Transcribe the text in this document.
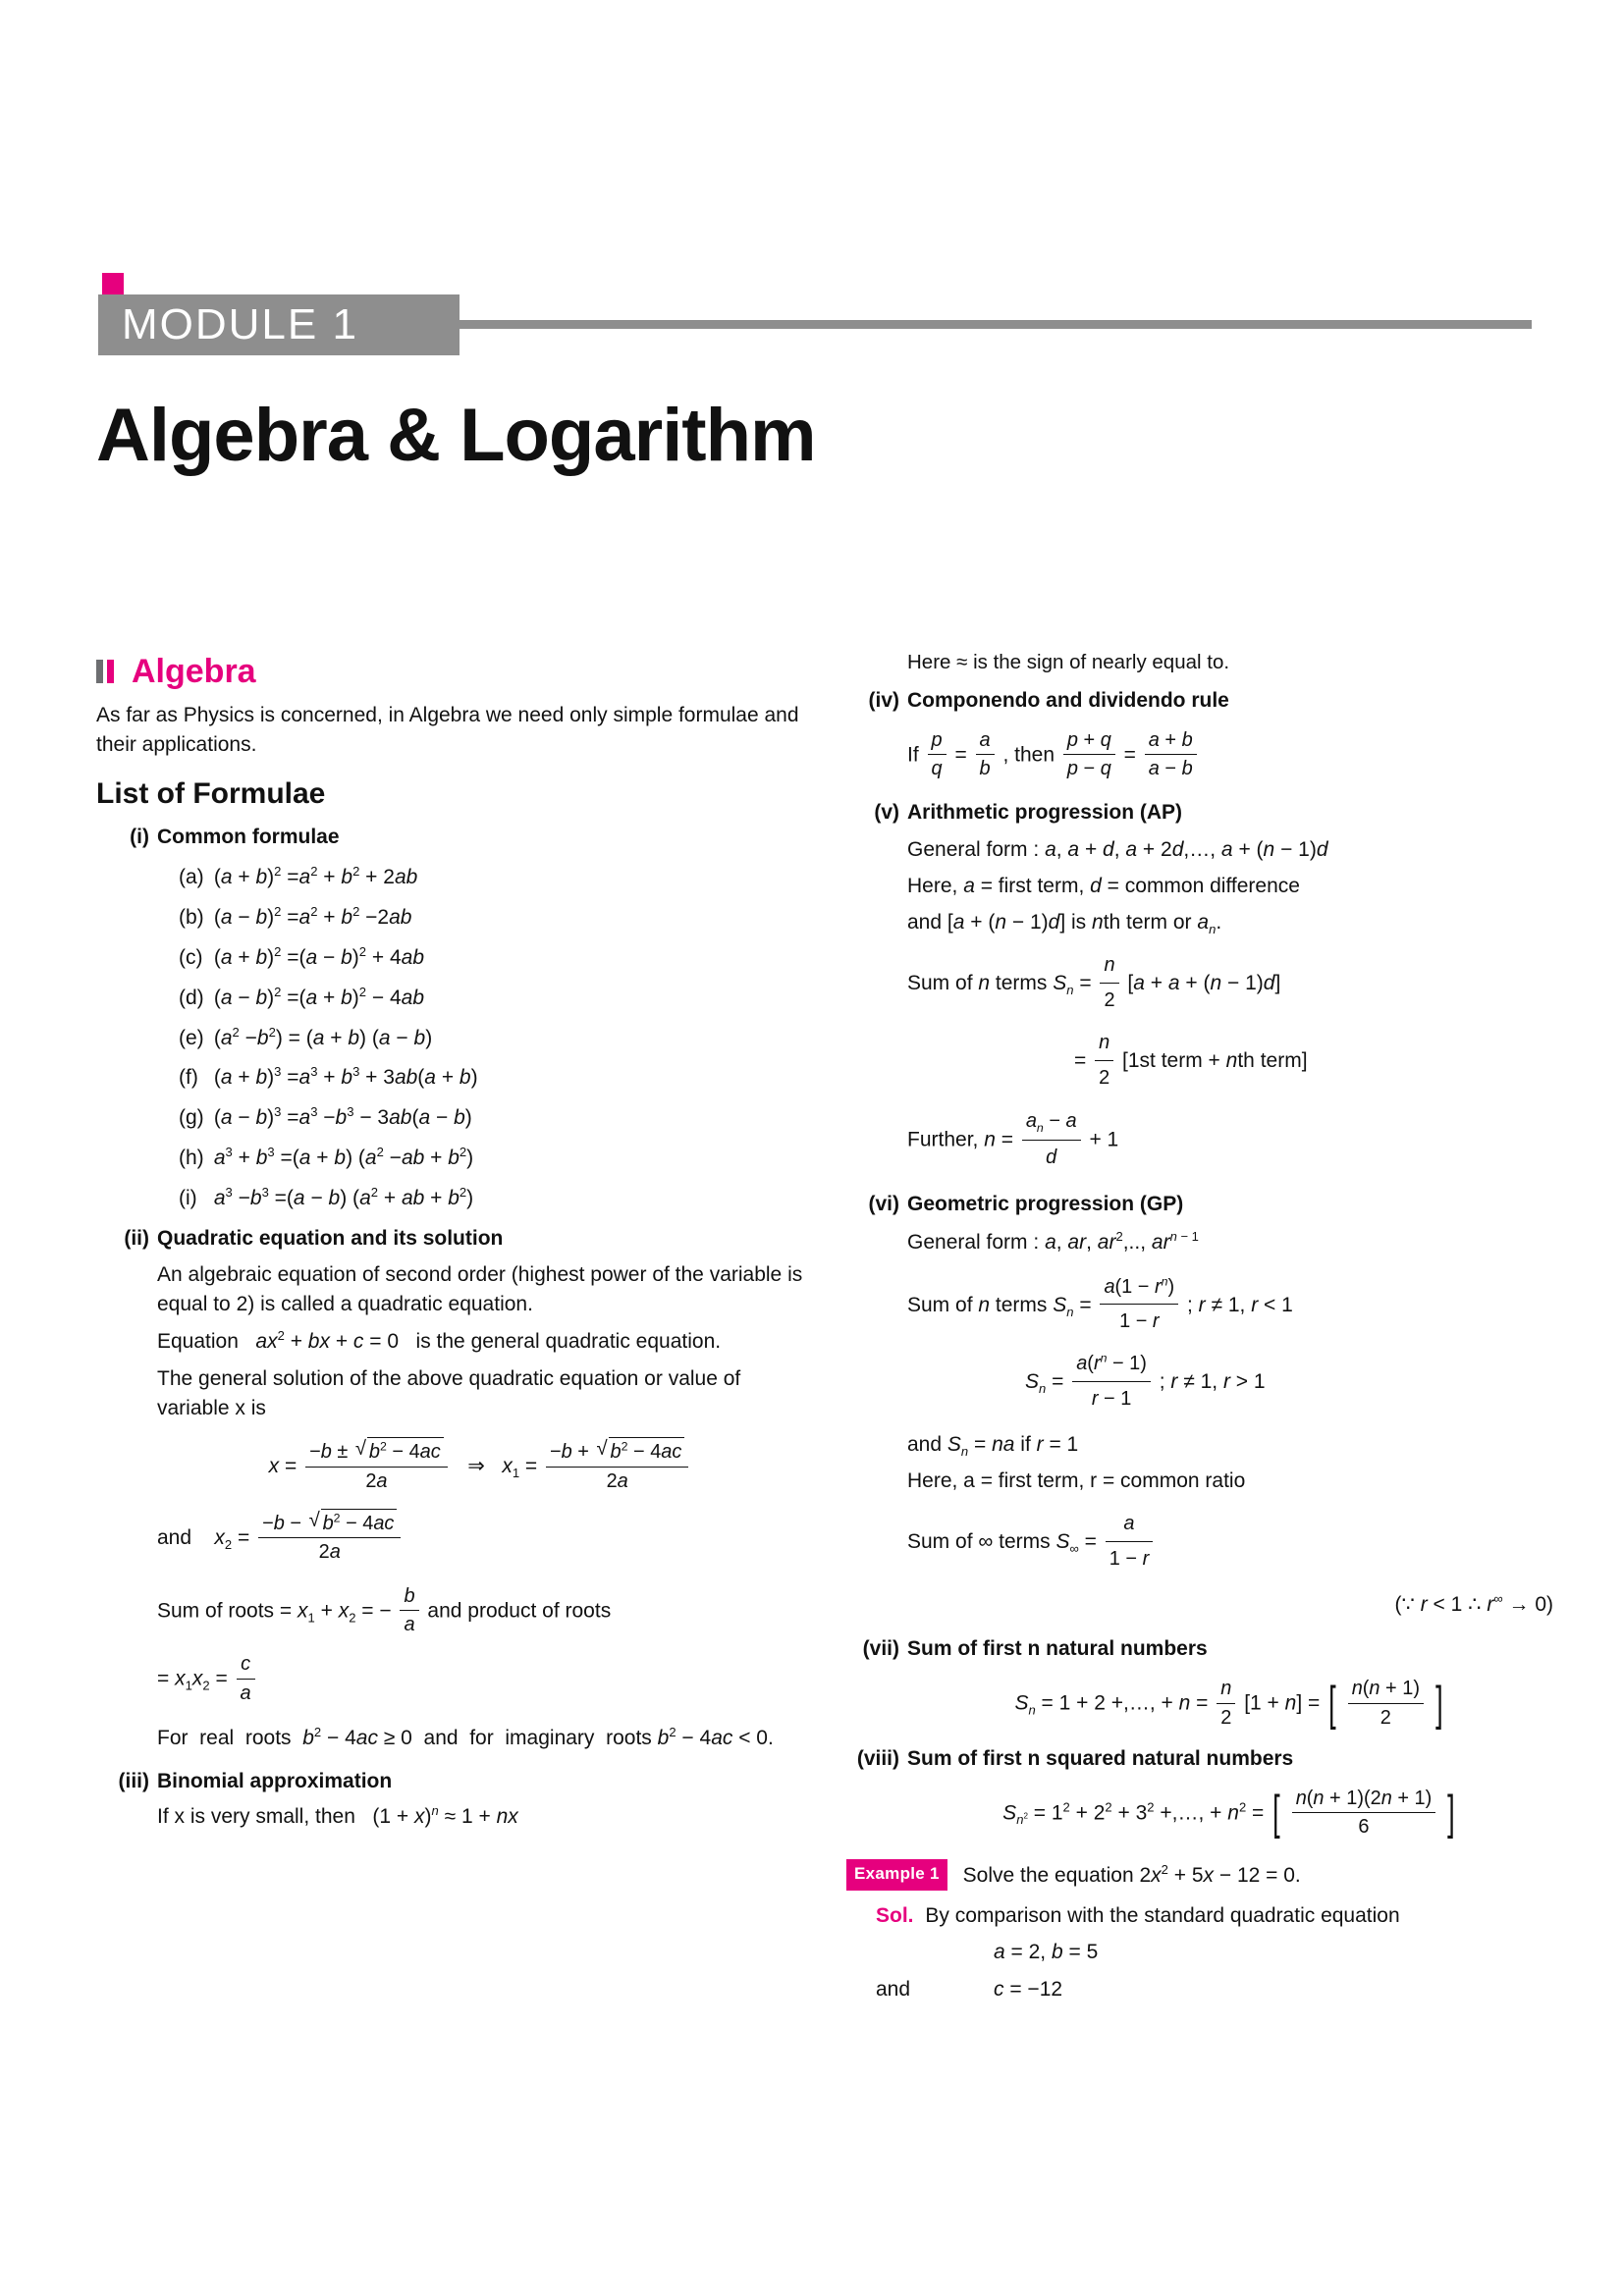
MODULE 1
Algebra & Logarithm
Algebra
As far as Physics is concerned, in Algebra we need only simple formulae and their applications.
List of Formulae
(i) Common formulae
(a) $(a + b)^2 =a^2 + b^2 + 2ab$
(b) $(a - b)^2 =a^2 + b^2 -2ab$
(c) $(a + b)^2 =(a - b)^2 + 4ab$
(d) $(a - b)^2 =(a + b)^2 - 4ab$
(e) $(a^2 -b^2) = (a + b) (a - b)$
(f) $(a + b)^3 =a^3 + b^3 + 3ab(a + b)$
(g) $(a - b)^3 =a^3 -b^3 - 3ab(a - b)$
(h) $a^3 + b^3 =(a + b)$ $(a^2 -ab + b^2)$
(i) $a^3 -b^3 =(a - b) (a^2$ + ab + $b^2$)
(ii) Quadratic equation and its solution
An algebraic equation of second order (highest power of the variable is equal to 2) is called a quadratic equation.
Equation $ax^2$ + bx + c = 0   is the general quadratic equation.
The general solution of the above quadratic equation or value of variable x is
$x = \frac{-b \pm √ b^2 - 4ac}{2a}$ ⇒   $x_1 = \frac{-b + √ b^2 - 4ac}{2a}$
and    $x_2 = \frac{-b - √ b^2 - 4ac}{2a}$
Sum of roots = $x_1 + x_2$ = − $\frac{b}{a}$ and product of roots
= $x_1x_2 = \frac{c}{a}$
For  real  roots  $b^2 - 4ac \ge 0$  and  for  imaginary  roots $b^2 - 4ac < 0$.
(iii) Binomial approximation
If x is very small, then   $(1 + x)^n \approx 1$ + nx
Here ≈ is the sign of nearly equal to.
(iv) Componendo and dividendo rule
If $\frac{p}{q} = \frac{a}{b}$ , then $\frac{p + q}{p - q} = \frac{a + b}{a - b}$
(v) Arithmetic progression (AP)
General form : a, a + d, a + 2d,…, a + (n − 1)d
Here, a = first term, d = common difference
and [a + (n − 1)d] is nth term or $a_n$.
Sum of n terms $S_n = \frac{n}{2} [a + a + (n - 1)d]$
= $\frac{n}{2} [1st$ term + nth term]
Further, $n = \frac{a_n - a}{d} + 1$
(vi) Geometric progression (GP)
General form : a, ar, $ar^2$,.., $ar^{n - 1}$
Sum of n terms $S_n = \frac{a(1 - r^n)}{1 - r}$ ; r ≠ 1, r < 1
$S_n = \frac{a(r^n - 1)}{r - 1}$ ; r ≠ 1, r > 1
and $S_n$ = na if r = 1
Here, a = first term, r = common ratio
Sum of ∞ terms $S_\infty = \frac{a}{1 - r}$
(∵ r < 1 ∴ r∞ → 0)
(vii) Sum of first n natural numbers
$S_n = 1 + 2$ +,…, + $n = \frac{n}{2} [1 + n]$ = [ $\frac{n(n + 1)}{2}$ ]
(viii) Sum of first n squared natural numbers
$S_{n^2} = 1^2 + 2^2 + 3^2$ +,…, + $n^2$ = [ $\frac{n(n + 1)(2n + 1)}{6}$ ]
Example 1 Solve the equation $2x^2 + 5x - 12 = 0$.
Sol. By comparison with the standard quadratic equation
a = 2, b = 5
and	c = −12
